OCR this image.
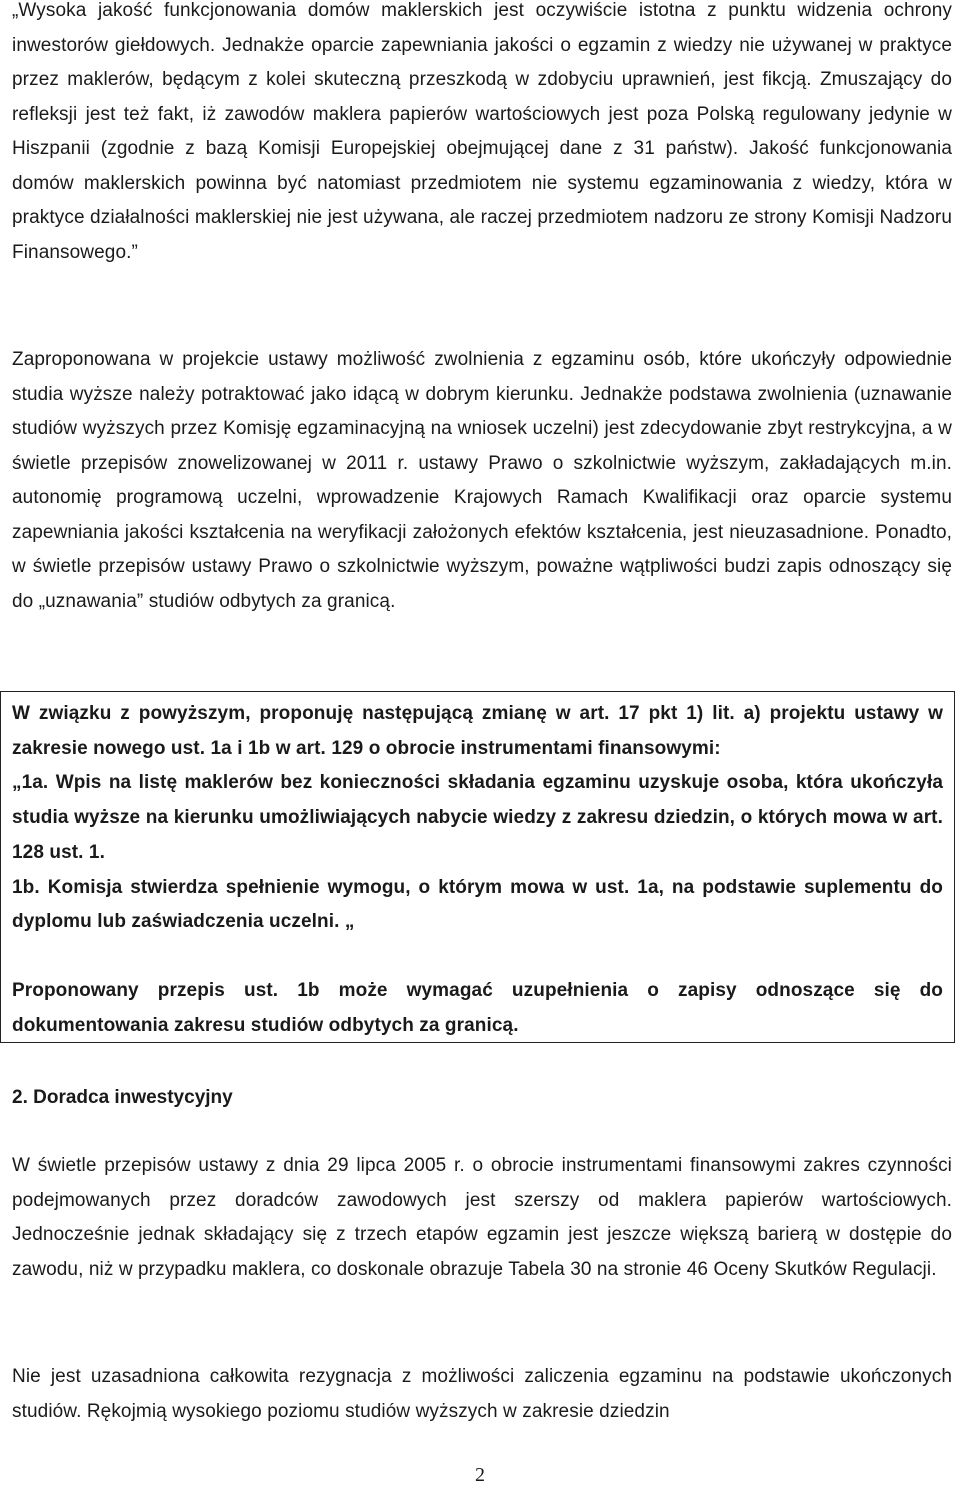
„Wysoka jakość funkcjonowania domów maklerskich jest oczywiście istotna z punktu widzenia ochrony inwestorów giełdowych. Jednakże oparcie zapewniania jakości o egzamin z wiedzy nie używanej w praktyce przez maklerów, będącym z kolei skuteczną przeszkodą w zdobyciu uprawnień, jest fikcją. Zmuszający do refleksji jest też fakt, iż zawodów maklera papierów wartościowych jest poza Polską regulowany jedynie w Hiszpanii (zgodnie z bazą Komisji Europejskiej obejmującej dane z 31 państw). Jakość funkcjonowania domów maklerskich powinna być natomiast przedmiotem nie systemu egzaminowania z wiedzy, która w praktyce działalności maklerskiej nie jest używana, ale raczej przedmiotem nadzoru ze strony Komisji Nadzoru Finansowego.”

Zaproponowana w projekcie ustawy możliwość zwolnienia z egzaminu osób, które ukończyły odpowiednie studia wyższe należy potraktować jako idącą w dobrym kierunku. Jednakże podstawa zwolnienia (uznawanie studiów wyższych przez Komisję egzaminacyjną na wniosek uczelni) jest zdecydowanie zbyt restrykcyjna, a w świetle przepisów znowelizowanej w 2011 r. ustawy Prawo o szkolnictwie wyższym, zakładających m.in. autonomię programową uczelni, wprowadzenie Krajowych Ramach Kwalifikacji oraz oparcie systemu zapewniania jakości kształcenia na weryfikacji założonych efektów kształcenia, jest nieuzasadnione. Ponadto, w świetle przepisów ustawy Prawo o szkolnictwie wyższym, poważne wątpliwości budzi zapis odnoszący się do „uznawania” studiów odbytych za granicą.

W związku z powyższym, proponuję następującą zmianę w art. 17 pkt 1) lit. a) projektu ustawy w zakresie nowego ust. 1a i 1b w art. 129 o obrocie instrumentami finansowymi:

„1a. Wpis na listę maklerów bez konieczności składania egzaminu uzyskuje osoba, która ukończyła studia wyższe na kierunku umożliwiających nabycie wiedzy z zakresu dziedzin, o których mowa w art. 128 ust. 1.

1b. Komisja stwierdza spełnienie wymogu, o którym mowa w ust. 1a, na podstawie suplementu do dyplomu lub zaświadczenia uczelni. „

Proponowany przepis ust. 1b może wymagać uzupełnienia o zapisy odnoszące się do dokumentowania zakresu studiów odbytych za granicą.

2. Doradca inwestycyjny

W świetle przepisów ustawy z dnia 29 lipca 2005 r. o obrocie instrumentami finansowymi zakres czynności podejmowanych przez doradców zawodowych jest szerszy od maklera papierów wartościowych. Jednocześnie jednak składający się z trzech etapów egzamin jest jeszcze większą barierą w dostępie do zawodu, niż w przypadku maklera, co doskonale obrazuje Tabela 30 na stronie 46 Oceny Skutków Regulacji.

Nie jest uzasadniona całkowita rezygnacja z możliwości zaliczenia egzaminu na podstawie ukończonych studiów. Rękojmią wysokiego poziomu studiów wyższych w zakresie dziedzin

2
